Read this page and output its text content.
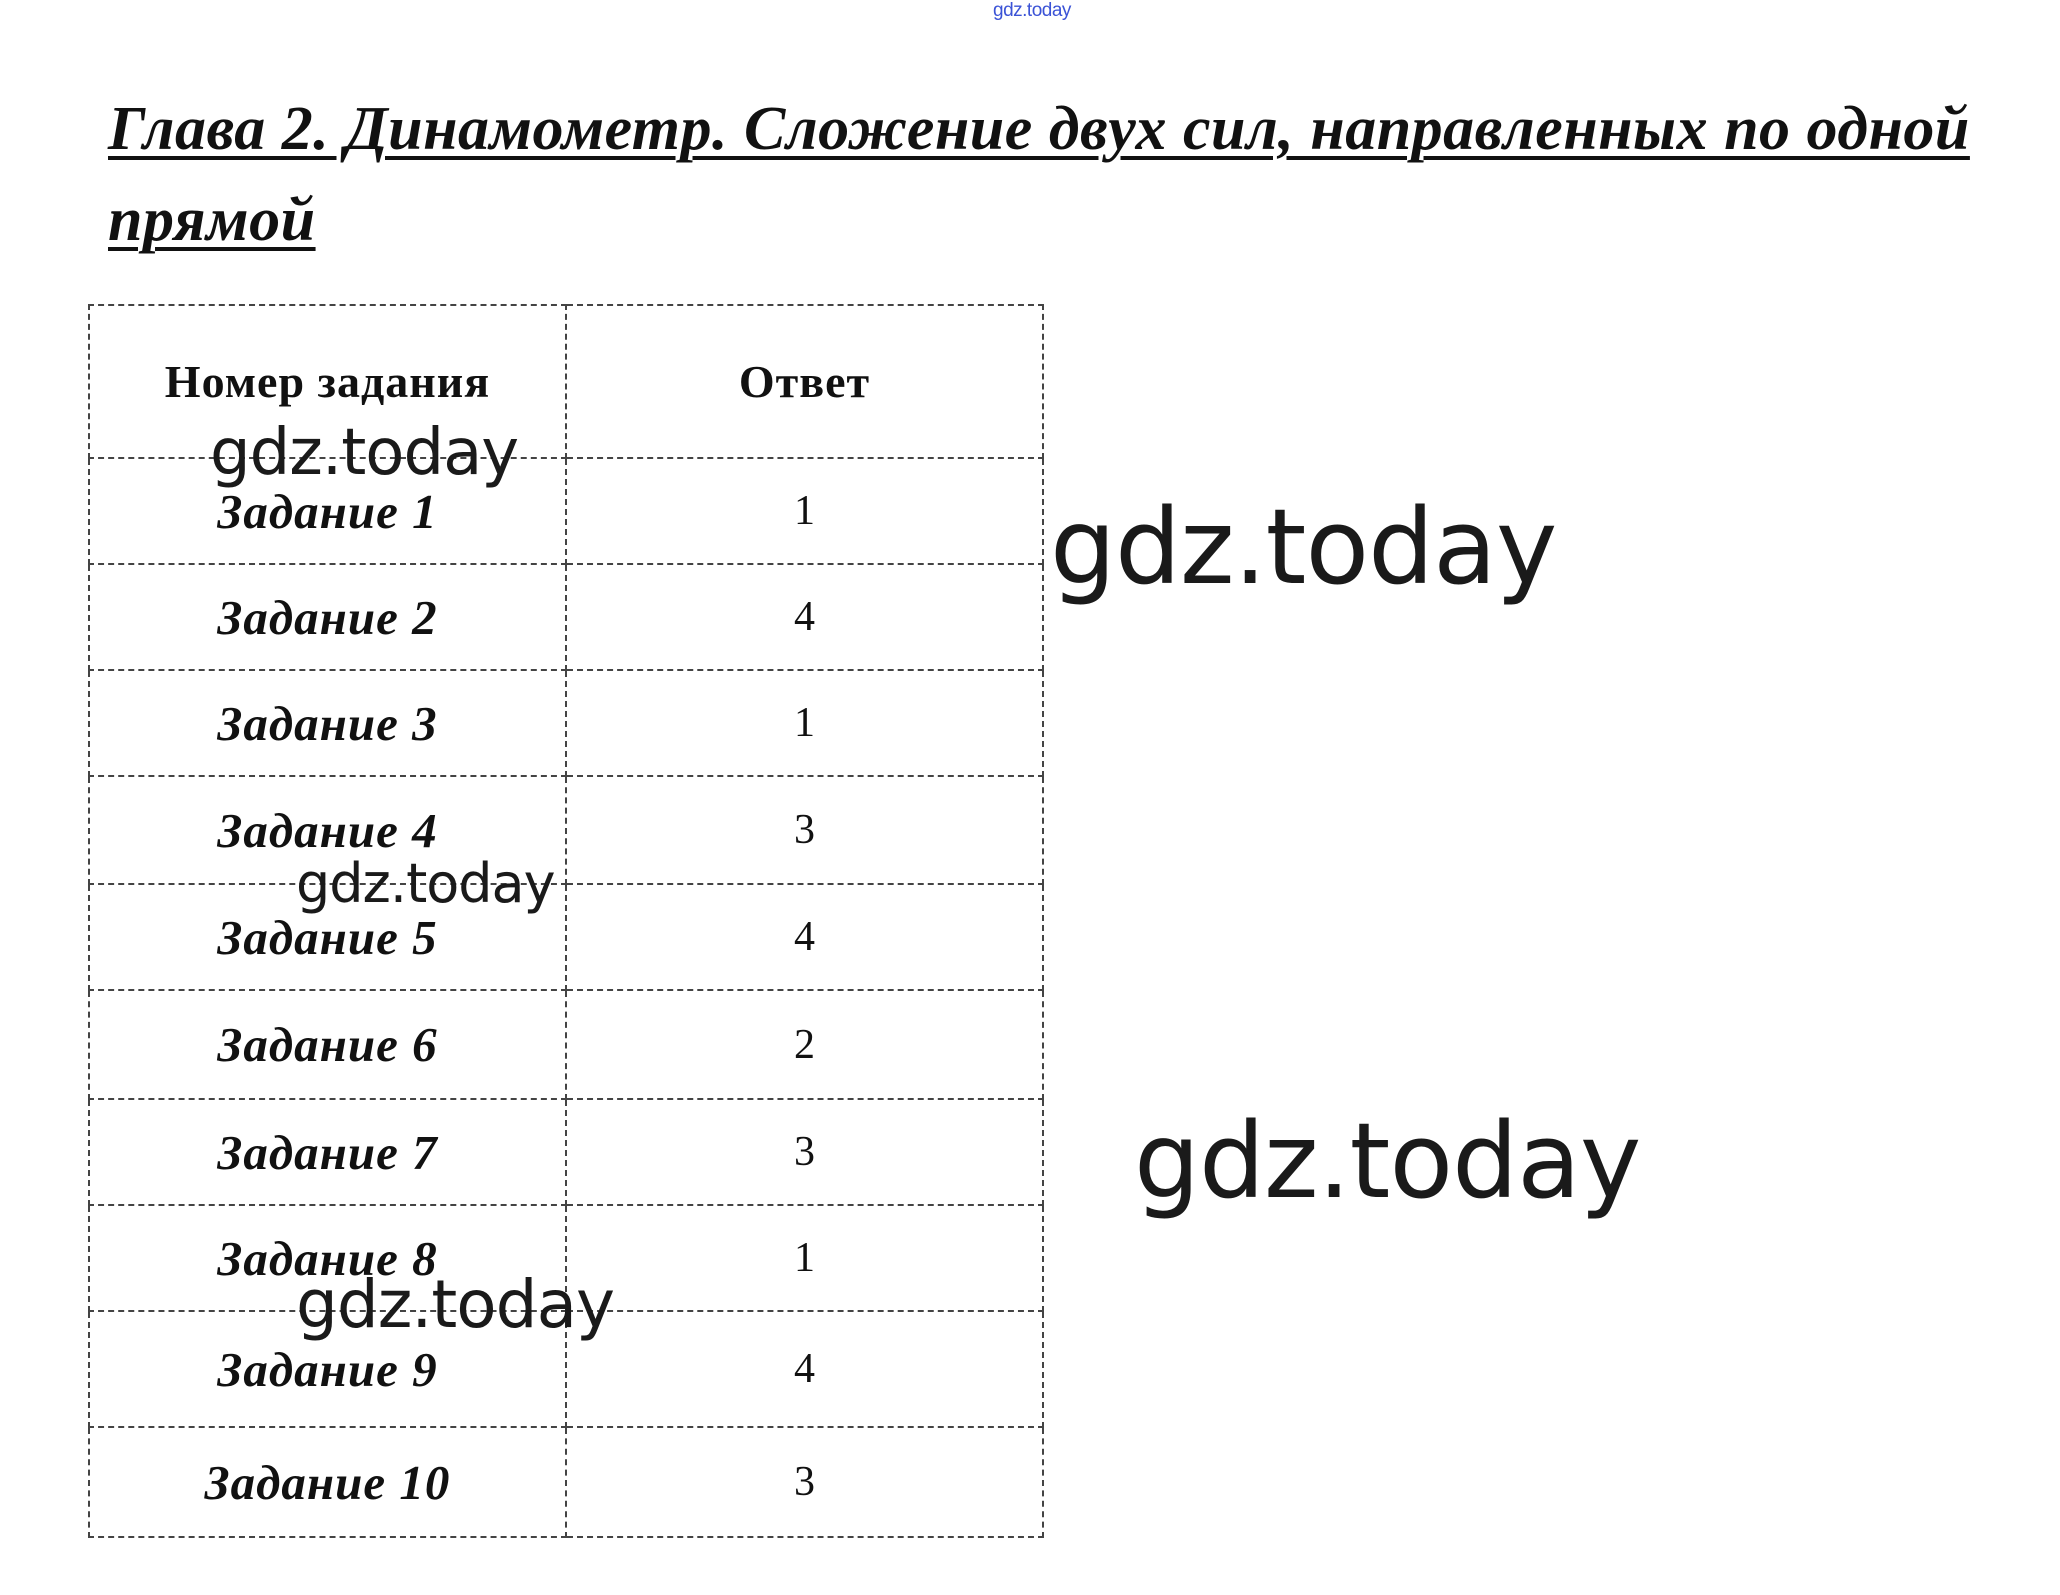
gdz.today
Глава 2. Динамометр. Сложение двух сил, направленных по одной прямой
Номер задания	Ответ
Задание 1	1
Задание 2	4
Задание 3	1
Задание 4	3
Задание 5	4
Задание 6	2
Задание 7	3
Задание 8	1
Задание 9	4
Задание 10	3
gdz.today
gdz.today
gdz.today
gdz.today
gdz.today
